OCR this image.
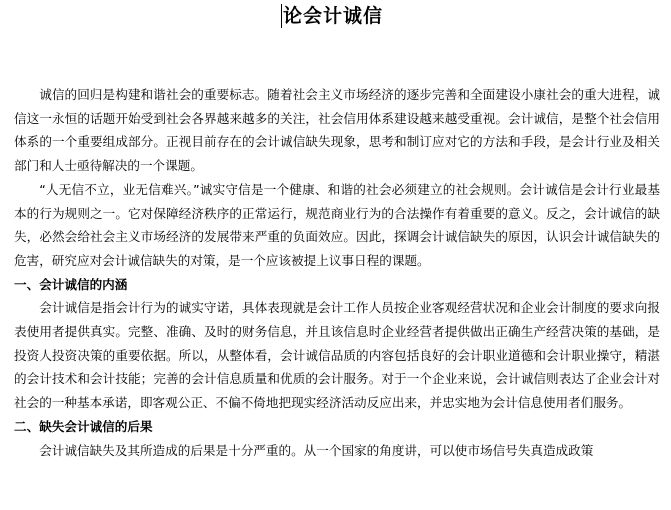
论会计诚信

诚信的回归是构建和谐社会的重要标志。随着社会主义市场经济的逐步完善和全面建设小康社会的重大进程，诚信这一永恒的话题开始受到社会各界越来越多的关注，社会信用体系建设越来越受重视。会计诚信，是整个社会信用体系的一个重要组成部分。正视目前存在的会计诚信缺失现象，思考和制订应对它的方法和手段，是会计行业及相关部门和人士亟待解决的一个课题。

“人无信不立，业无信难兴。”诚实守信是一个健康、和谐的社会必须建立的社会规则。会计诚信是会计行业最基本的行为规则之一。它对保障经济秩序的正常运行，规范商业行为的合法操作有着重要的意义。反之，会计诚信的缺失，必然会给社会主义市场经济的发展带来严重的负面效应。因此，探调会计诚信缺失的原因，认识会计诚信缺失的危害，研究应对会计诚信缺失的对策，是一个应该被提上议事日程的课题。

一、会计诚信的内涵

会计诚信是指会计行为的诚实守诺，具体表现就是会计工作人员按企业客观经营状况和企业会计制度的要求向报表使用者提供真实。完整、准确、及时的财务信息，并且该信息时企业经营者提供做出正确生产经营决策的基础，是投资人投资决策的重要依据。所以，从整体看，会计诚信品质的内容包括良好的会计职业道德和会计职业操守，精湛的会计技术和会计技能；完善的会计信息质量和优质的会计服务。对于一个企业来说，会计诚信则表达了企业会计对社会的一种基本承诺，即客观公正、不偏不倚地把现实经济活动反应出来，并忠实地为会计信息使用者们服务。

二、缺失会计诚信的后果

会计诚信缺失及其所造成的后果是十分严重的。从一个国家的角度讲，可以使市场信号失真造成政策
